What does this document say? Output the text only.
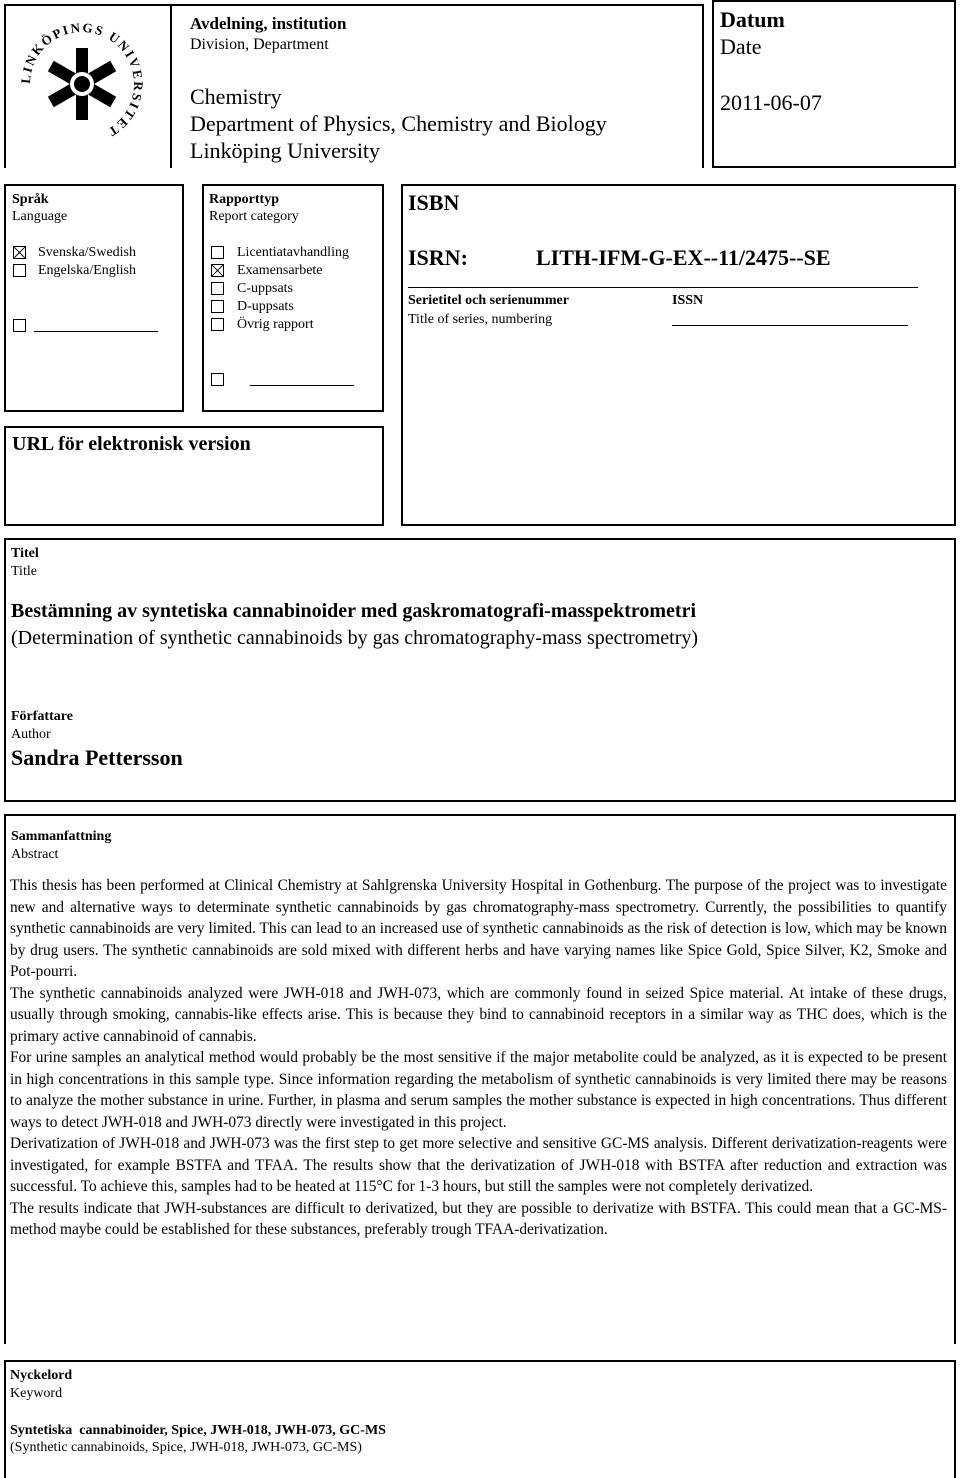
LINKÖPINGS UNIVERSITET
Avdelning, institution
Division, Department
Chemistry
Department of Physics, Chemistry and Biology
Linköping University
Datum
Date
2011-06-07
Språk
Language
Svenska/Swedish
Engelska/English
Rapporttyp
Report category
Licentiatavhandling
Examensarbete
C-uppsats
D-uppsats
Övrig rapport
ISBN
ISRN:	LITH-IFM-G-EX--11/2475--SE
Serietitel och serienummer
Title of series, numbering
ISSN
URL för elektronisk version
Titel
Title
Bestämning av syntetiska cannabinoider med gaskromatografi-masspektrometri
(Determination of synthetic cannabinoids by gas chromatography-mass spectrometry)
Författare
Author
Sandra Pettersson
Sammanfattning
Abstract

This thesis has been performed at Clinical Chemistry at Sahlgrenska University Hospital in Gothenburg. The purpose of the project was to investigate new and alternative ways to determinate synthetic cannabinoids by gas chromatography-mass spectrometry. Currently, the possibilities to quantify synthetic cannabinoids are very limited. This can lead to an increased use of synthetic cannabinoids as the risk of detection is low, which may be known by drug users. The synthetic cannabinoids are sold mixed with different herbs and have varying names like Spice Gold, Spice Silver, K2, Smoke and Pot-pourri.

The synthetic cannabinoids analyzed were JWH-018 and JWH-073, which are commonly found in seized Spice material. At intake of these drugs, usually through smoking, cannabis-like effects arise. This is because they bind to cannabinoid receptors in a similar way as THC does, which is the primary active cannabinoid of cannabis.

For urine samples an analytical method would probably be the most sensitive if the major metabolite could be analyzed, as it is expected to be present in high concentrations in this sample type. Since information regarding the metabolism of synthetic cannabinoids is very limited there may be reasons to analyze the mother substance in urine. Further, in plasma and serum samples the mother substance is expected in high concentrations. Thus different ways to detect JWH-018 and JWH-073 directly were investigated in this project.

Derivatization of JWH-018 and JWH-073 was the first step to get more selective and sensitive GC-MS analysis. Different derivatization-reagents were investigated, for example BSTFA and TFAA. The results show that the derivatization of JWH-018 with BSTFA after reduction and extraction was successful. To achieve this, samples had to be heated at 115°C for 1-3 hours, but still the samples were not completely derivatized.

The results indicate that JWH-substances are difficult to derivatized, but they are possible to derivatize with BSTFA. This could mean that a GC-MS-method maybe could be established for these substances, preferably trough TFAA-derivatization.

Nyckelord
Keyword
Syntetiska  cannabinoider, Spice, JWH-018, JWH-073, GC-MS
(Synthetic cannabinoids, Spice, JWH-018, JWH-073, GC-MS)
